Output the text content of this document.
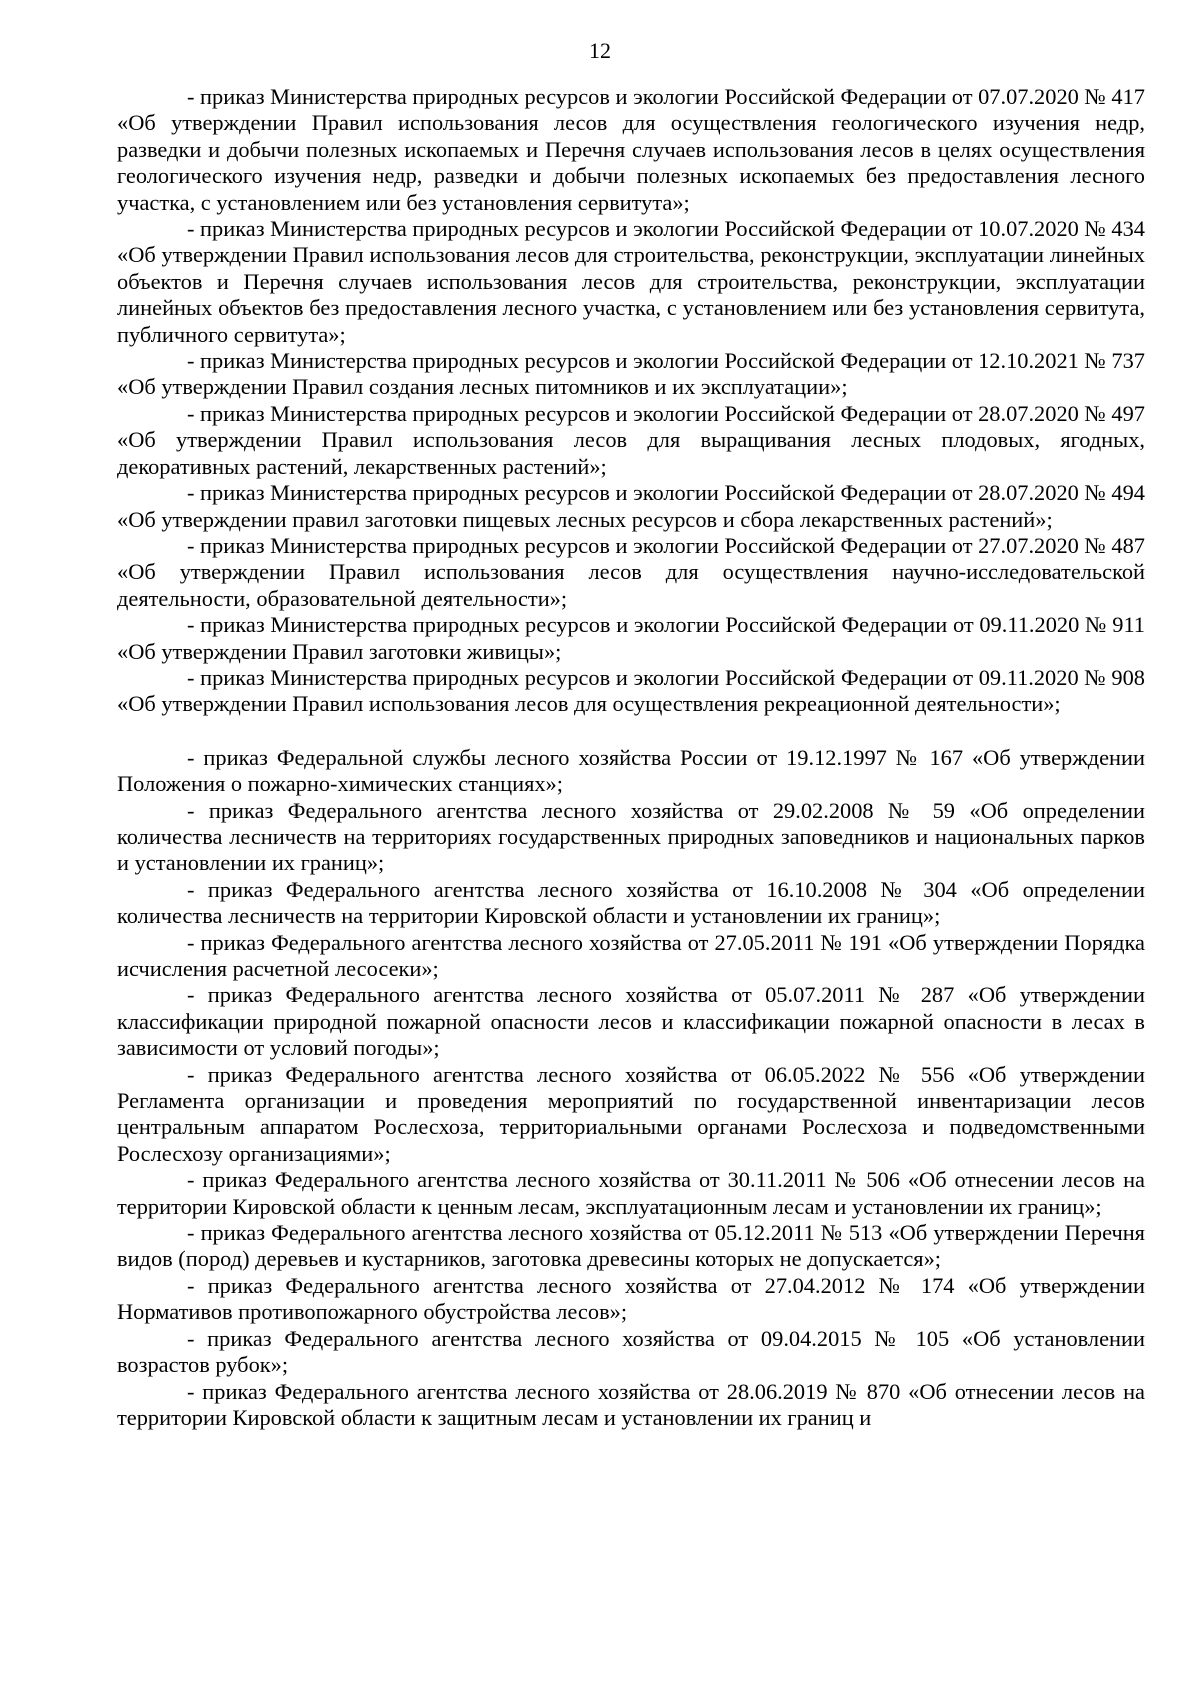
12

- приказ Министерства природных ресурсов и экологии Российской Федерации от 07.07.2020 № 417 «Об утверждении Правил использования лесов для осуществления геологического изучения недр, разведки и добычи полезных ископаемых и Перечня случаев использования лесов в целях осуществления геологического изучения недр, разведки и добычи полезных ископаемых без предоставления лесного участка, с установлением или без установления сервитута»;

- приказ Министерства природных ресурсов и экологии Российской Федерации от 10.07.2020 № 434 «Об утверждении Правил использования лесов для строительства, реконструкции, эксплуатации линейных объектов и Перечня случаев использования лесов для строительства, реконструкции, эксплуатации линейных объектов без предоставления лесного участка, с установлением или без установления сервитута, публичного сервитута»;

- приказ Министерства природных ресурсов и экологии Российской Федерации от 12.10.2021 № 737 «Об утверждении Правил создания лесных питомников и их эксплуатации»;

- приказ Министерства природных ресурсов и экологии Российской Федерации от 28.07.2020 № 497 «Об утверждении Правил использования лесов для выращивания лесных плодовых, ягодных, декоративных растений, лекарственных растений»;

- приказ Министерства природных ресурсов и экологии Российской Федерации от 28.07.2020 № 494 «Об утверждении правил заготовки пищевых лесных ресурсов и сбора лекарственных растений»;

- приказ Министерства природных ресурсов и экологии Российской Федерации от 27.07.2020 № 487 «Об утверждении Правил использования лесов для осуществления научно-исследовательской деятельности, образовательной деятельности»;

- приказ Министерства природных ресурсов и экологии Российской Федерации от 09.11.2020 № 911 «Об утверждении Правил заготовки живицы»;

- приказ Министерства природных ресурсов и экологии Российской Федерации от 09.11.2020 № 908 «Об утверждении Правил использования лесов для осуществления рекреационной деятельности»;

- приказ Федеральной службы лесного хозяйства России от 19.12.1997 № 167 «Об утверждении Положения о пожарно-химических станциях»;

- приказ Федерального агентства лесного хозяйства от 29.02.2008 № 59 «Об определении количества лесничеств на территориях государственных природных заповедников и национальных парков и установлении их границ»;

- приказ Федерального агентства лесного хозяйства от 16.10.2008 № 304 «Об определении количества лесничеств на территории Кировской области и установлении их границ»;

- приказ Федерального агентства лесного хозяйства от 27.05.2011 № 191 «Об утверждении Порядка исчисления расчетной лесосеки»;

- приказ Федерального агентства лесного хозяйства от 05.07.2011 № 287 «Об утверждении классификации природной пожарной опасности лесов и классификации пожарной опасности в лесах в зависимости от условий погоды»;

- приказ Федерального агентства лесного хозяйства от 06.05.2022 № 556 «Об утверждении Регламента организации и проведения мероприятий по государственной инвентаризации лесов центральным аппаратом Рослесхоза, территориальными органами Рослесхоза и подведомственными Рослесхозу организациями»;

- приказ Федерального агентства лесного хозяйства от 30.11.2011 № 506 «Об отнесении лесов на территории Кировской области к ценным лесам, эксплуатационным лесам и установлении их границ»;

- приказ Федерального агентства лесного хозяйства от 05.12.2011 № 513 «Об утверждении Перечня видов (пород) деревьев и кустарников, заготовка древесины которых не допускается»;

- приказ Федерального агентства лесного хозяйства от 27.04.2012 № 174 «Об утверждении Нормативов противопожарного обустройства лесов»;

- приказ Федерального агентства лесного хозяйства от 09.04.2015 № 105 «Об установлении возрастов рубок»;

- приказ Федерального агентства лесного хозяйства от 28.06.2019 № 870 «Об отнесении лесов на территории Кировской области к защитным лесам и установлении их границ и
